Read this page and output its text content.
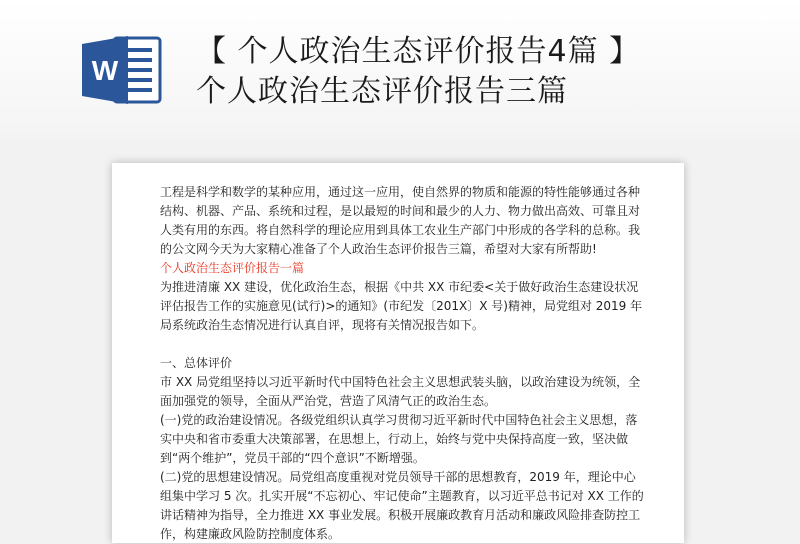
W
【 个人政治生态评价报告4篇 】
个人政治生态评价报告三篇

工程是科学和数学的某种应用，通过这一应用，使自然界的物质和能源的特性能够通过各种结构、机器、产品、系统和过程，是以最短的时间和最少的人力、物力做出高效、可靠且对人类有用的东西。将自然科学的理论应用到具体工农业生产部门中形成的各学科的总称。我的公文网今天为大家精心准备了个人政治生态评价报告三篇，希望对大家有所帮助!

个人政治生态评价报告一篇

为推进清廉 XX 建设，优化政治生态，根据《中共 XX 市纪委<关于做好政治生态建设状况评估报告工作的实施意见(试行)>的通知》(市纪发〔201X〕X 号)精神，局党组对 2019 年局系统政治生态情况进行认真自评，现将有关情况报告如下。

一、总体评价

市 XX 局党组坚持以习近平新时代中国特色社会主义思想武装头脑，以政治建设为统领，全面加强党的领导，全面从严治党，营造了风清气正的政治生态。

(一)党的政治建设情况。各级党组织认真学习贯彻习近平新时代中国特色社会主义思想，落实中央和省市委重大决策部署，在思想上，行动上，始终与党中央保持高度一致，坚决做到“两个维护”，党员干部的“四个意识”不断增强。

(二)党的思想建设情况。局党组高度重视对党员领导干部的思想教育，2019 年，理论中心组集中学习 5 次。扎实开展“不忘初心、牢记使命”主题教育，以习近平总书记对 XX 工作的讲话精神为指导，全力推进 XX 事业发展。积极开展廉政教育月活动和廉政风险排查防控工作，构建廉政风险防控制度体系。
